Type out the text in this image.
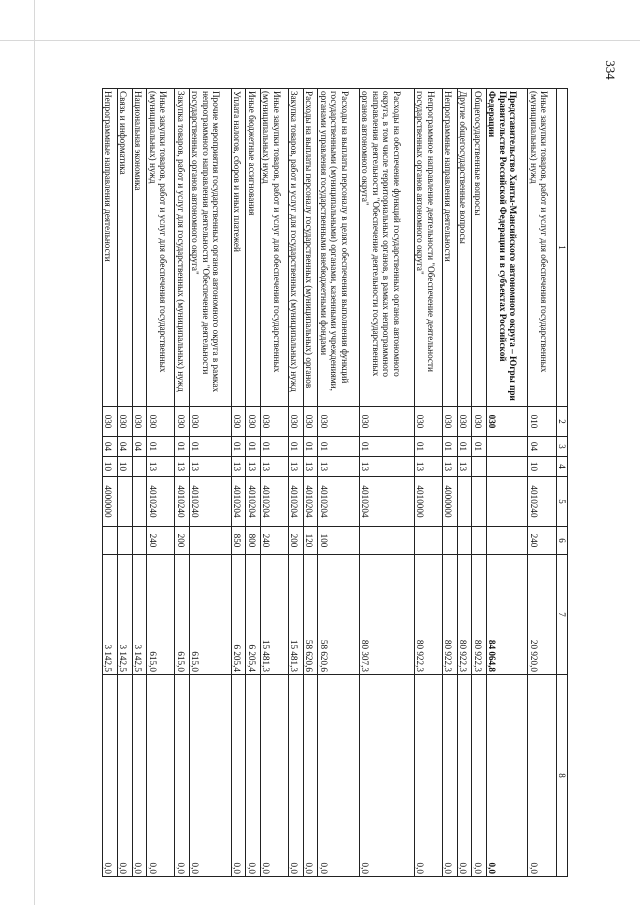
334
1	2	3	4	5	6	7	8
Иные закупки товаров, работ и услуг для обеспечения государственных (муниципальных) нужд	010	04	10	4010240	240	20 920,0	0,0
Представительство Ханты-Мансийского автономного округа – Югры при Правительстве Российской Федерации и в субъектах Российской Федерации	030					84 064,8	0,0
Общегосударственные вопросы	030	01				80 922,3	0,0
Другие общегосударственные вопросы	030	01	13			80 922,3	0,0
Непрограммные направления деятельности	030	01	13	4000000		80 922,3	0,0
Непрограммное направление деятельности "Обеспечение деятельности государственных органов автономного округа"	030	01	13	4010000		80 922,3	0,0
Расходы на обеспечение функций государственных органов автономного округа, в том числе территориальных органов, в рамках непрограммного направления деятельности "Обеспечение деятельности государственных органов автономного округа"	030	01	13	4010204		80 307,3	0,0
Расходы на выплаты персоналу в целях обеспечения выполнения функций государственными (муниципальными) органами, казенными учреждениями, органами управления государственными внебюджетными фондами	030	01	13	4010204	100	58 620,6	0,0
Расходы на выплаты персоналу государственных (муниципальных) органов	030	01	13	4010204	120	58 620,6	0,0
Закупка товаров, работ и услуг для государственных (муниципальных) нужд	030	01	13	4010204	200	15 481,3	0,0
Иные закупки товаров, работ и услуг для обеспечения государственных (муниципальных) нужд	030	01	13	4010204	240	15 481,3	0,0
Иные бюджетные ассигнования	030	01	13	4010204	800	6 205,4	0,0
Уплата налогов, сборов и иных платежей	030	01	13	4010204	850	6 205,4	0,0
Прочие мероприятия государственных органов автономного округа в рамках непрограммного направления деятельности "Обеспечение деятельности государственных органов автономного округа"	030	01	13	4010240		615,0	0,0
Закупка товаров, работ и услуг для государственных (муниципальных) нужд	030	01	13	4010240	200	615,0	0,0
Иные закупки товаров, работ и услуг для обеспечения государственных (муниципальных) нужд	030	01	13	4010240	240	615,0	0,0
Национальная экономика	030	04				3 142,5	0,0
Связь и информатика	030	04	10			3 142,5	0,0
Непрограммные направления деятельности	030	04	10	4000000		3 142,5	0,0
